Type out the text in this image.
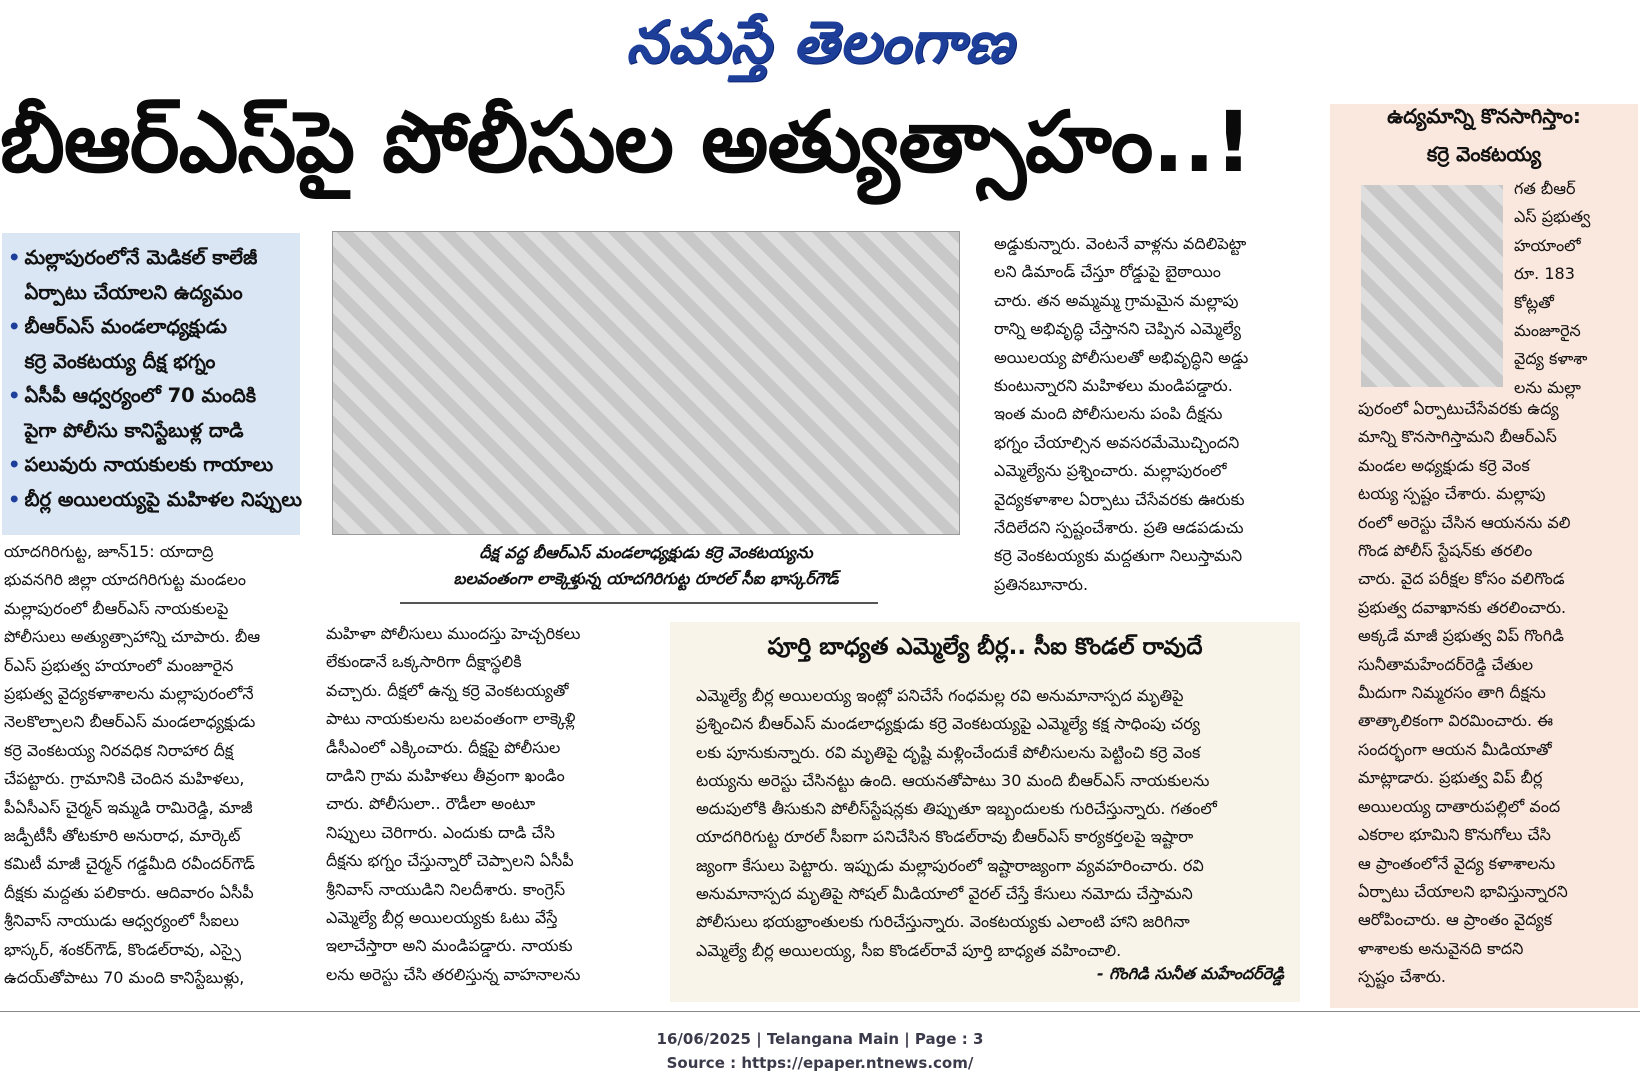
నమస్తే తెలంగాణ
బీఆర్ఎస్‌పై పోలీసుల అత్యుత్సాహం..!
• మల్లాపురంలోనే మెడికల్ కాలేజీ
ఏర్పాటు చేయాలని ఉద్యమం
• బీఆర్ఎస్ మండలాధ్యక్షుడు
కర్రె వెంకటయ్య దీక్ష భగ్నం
• ఏసీపీ ఆధ్వర్యంలో 70 మందికి
పైగా పోలీసు కానిస్టేబుళ్ల దాడి
• పలువురు నాయకులకు గాయాలు
• బీర్ల అయిలయ్యపై మహిళల నిప్పులు
దీక్ష వద్ద బీఆర్ఎస్ మండలాధ్యక్షుడు కర్రె వెంకటయ్యను
బలవంతంగా లాక్కెళ్తున్న యాదగిరిగుట్ట రూరల్ సీఐ భాస్కర్‌గౌడ్

యాదగిరిగుట్ట, జూన్15: యాదాద్రి

భువనగిరి జిల్లా యాదగిరిగుట్ట మండలం

మల్లాపురంలో బీఆర్ఎస్ నాయకులపై

పోలీసులు అత్యుత్సాహాన్ని చూపారు. బీఆ

ర్ఎస్ ప్రభుత్వ హయాంలో మంజూరైన

ప్రభుత్వ వైద్యకళాశాలను మల్లాపురంలోనే

నెలకొల్పాలని బీఆర్ఎస్ మండలాధ్యక్షుడు

కర్రె వెంకటయ్య నిరవధిక నిరాహార దీక్ష

చేపట్టారు. గ్రామానికి చెందిన మహిళలు,

పీఏసీఎస్ చైర్మన్ ఇమ్మడి రామిరెడ్డి, మాజీ

జడ్పీటీసీ తోటకూరి అనురాధ, మార్కెట్

కమిటీ మాజీ చైర్మన్ గడ్డమీది రవీందర్‌గౌడ్

దీక్షకు మద్దతు పలికారు. ఆదివారం ఏసీపీ

శ్రీనివాస్ నాయుడు ఆధ్వర్యంలో సీఐలు

భాస్కర్, శంకర్‌గౌడ్, కొండల్‌రావు, ఎస్సై

ఉదయ్‌తోపాటు 70 మంది కానిస్టేబుళ్లు,

మహిళా పోలీసులు ముందస్తు హెచ్చరికలు

లేకుండానే ఒక్కసారిగా దీక్షాస్థలికి

వచ్చారు. దీక్షలో ఉన్న కర్రె వెంకటయ్యతో

పాటు నాయకులను బలవంతంగా లాక్కెళ్లి

డీసీఎంలో ఎక్కించారు. దీక్షపై పోలీసుల

దాడిని గ్రామ మహిళలు తీవ్రంగా ఖండిం

చారు. పోలీసులా.. రౌడీలా అంటూ

నిప్పులు చెరిగారు. ఎందుకు దాడి చేసి

దీక్షను భగ్నం చేస్తున్నారో చెప్పాలని ఏసీపీ

శ్రీనివాస్ నాయుడిని నిలదీశారు. కాంగ్రెస్

ఎమ్మెల్యే బీర్ల అయిలయ్యకు ఓటు వేస్తే

ఇలాచేస్తారా అని మండిపడ్డారు. నాయకు

లను అరెస్టు చేసి తరలిస్తున్న వాహనాలను

అడ్డుకున్నారు. వెంటనే వాళ్లను వదిలిపెట్టా

లని డిమాండ్ చేస్తూ రోడ్డుపై బైఠాయిం

చారు. తన అమ్మమ్మ గ్రామమైన మల్లాపు

రాన్ని అభివృద్ధి చేస్తానని చెప్పిన ఎమ్మెల్యే

అయిలయ్య పోలీసులతో అభివృద్ధిని అడ్డు

కుంటున్నారని మహిళలు మండిపడ్డారు.

ఇంత మంది పోలీసులను పంపి దీక్షను

భగ్నం చేయాల్సిన అవసరమేమొచ్చిందని

ఎమ్మెల్యేను ప్రశ్నించారు. మల్లాపురంలో

వైద్యకళాశాల ఏర్పాటు చేసేవరకు ఊరుకు

నేదిలేదని స్పష్టంచేశారు. ప్రతి ఆడపడుచు

కర్రె వెంకటయ్యకు మద్దతుగా నిలుస్తామని

ప్రతినబూనారు.

పూర్తి బాధ్యత ఎమ్మెల్యే బీర్ల.. సీఐ కొండల్ రావుదే

ఎమ్మెల్యే బీర్ల అయిలయ్య ఇంట్లో పనిచేసే గంధమల్ల రవి అనుమానాస్పద మృతిపై

ప్రశ్నించిన బీఆర్ఎస్ మండలాధ్యక్షుడు కర్రె వెంకటయ్యపై ఎమ్మెల్యే కక్ష సాధింపు చర్య

లకు పూనుకున్నారు. రవి మృతిపై దృష్టి మళ్లించేందుకే పోలీసులను పెట్టించి కర్రె వెంక

టయ్యను అరెస్టు చేసినట్టు ఉంది. ఆయనతోపాటు 30 మంది బీఆర్ఎస్ నాయకులను

అదుపులోకి తీసుకుని పోలీస్‌స్టేషన్లకు తిప్పుతూ ఇబ్బందులకు గురిచేస్తున్నారు. గతంలో

యాదగిరిగుట్ట రూరల్ సీఐగా పనిచేసిన కొండల్‌రావు బీఆర్ఎస్ కార్యకర్తలపై ఇష్టారా

జ్యంగా కేసులు పెట్టారు. ఇప్పుడు మల్లాపురంలో ఇష్టారాజ్యంగా వ్యవహరించారు. రవి

అనుమానాస్పద మృతిపై సోషల్ మీడియాలో వైరల్ చేస్తే కేసులు నమోదు చేస్తామని

పోలీసులు భయభ్రాంతులకు గురిచేస్తున్నారు. వెంకటయ్యకు ఎలాంటి హాని జరిగినా

ఎమ్మెల్యే బీర్ల అయిలయ్య, సీఐ కొండల్‌రావే పూర్తి బాధ్యత వహించాలి.

- గొంగిడి సునీత మహేందర్‌రెడ్డి
ఉద్యమాన్ని కొనసాగిస్తాం:
కర్రె వెంకటయ్య

గత బీఆర్

ఎస్ ప్రభుత్వ

హయాంలో

రూ. 183

కోట్లతో

మంజూరైన

వైద్య కళాశా

లను మల్లా

పురంలో ఏర్పాటుచేసేవరకు ఉద్య

మాన్ని కొనసాగిస్తామని బీఆర్ఎస్

మండల అధ్యక్షుడు కర్రె వెంక

టయ్య స్పష్టం చేశారు. మల్లాపు

రంలో అరెస్టు చేసిన ఆయనను వలి

గొండ పోలీస్ స్టేషన్‌కు తరలిం

చారు. వైద పరీక్షల కోసం వలిగొండ

ప్రభుత్వ దవాఖానకు తరలించారు.

అక్కడే మాజీ ప్రభుత్వ విప్ గొంగిడి

సునీతామహేందర్‌రెడ్డి చేతుల

మీదుగా నిమ్మరసం తాగి దీక్షను

తాత్కాలికంగా విరమించారు. ఈ

సందర్భంగా ఆయన మీడియాతో

మాట్లాడారు. ప్రభుత్వ విప్ బీర్ల

అయిలయ్య దాతారుపల్లిలో వంద

ఎకరాల భూమిని కొనుగోలు చేసి

ఆ ప్రాంతంలోనే వైద్య కళాశాలను

ఏర్పాటు చేయాలని భావిస్తున్నారని

ఆరోపించారు. ఆ ప్రాంతం వైద్యక

ళాశాలకు అనువైనది కాదని

స్పష్టం చేశారు.

16/06/2025 | Telangana Main | Page : 3
Source : https://epaper.ntnews.com/
